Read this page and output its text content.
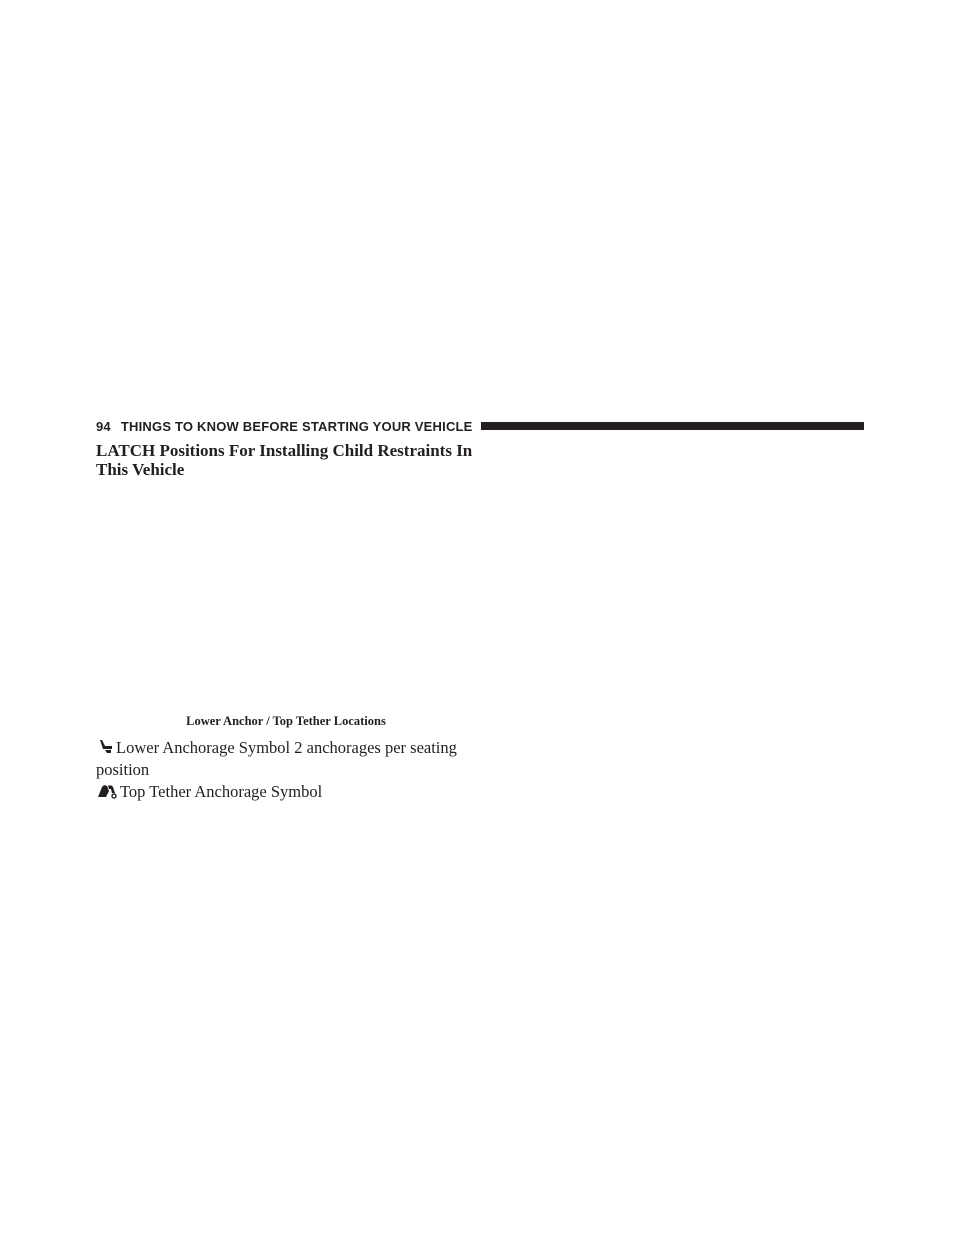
94 THINGS TO KNOW BEFORE STARTING YOUR VEHICLE
LATCH Positions For Installing Child Restraints In
This Vehicle
Lower Anchor / Top Tether Locations
Lower Anchorage Symbol 2 anchorages per seating
position
Top Tether Anchorage Symbol
